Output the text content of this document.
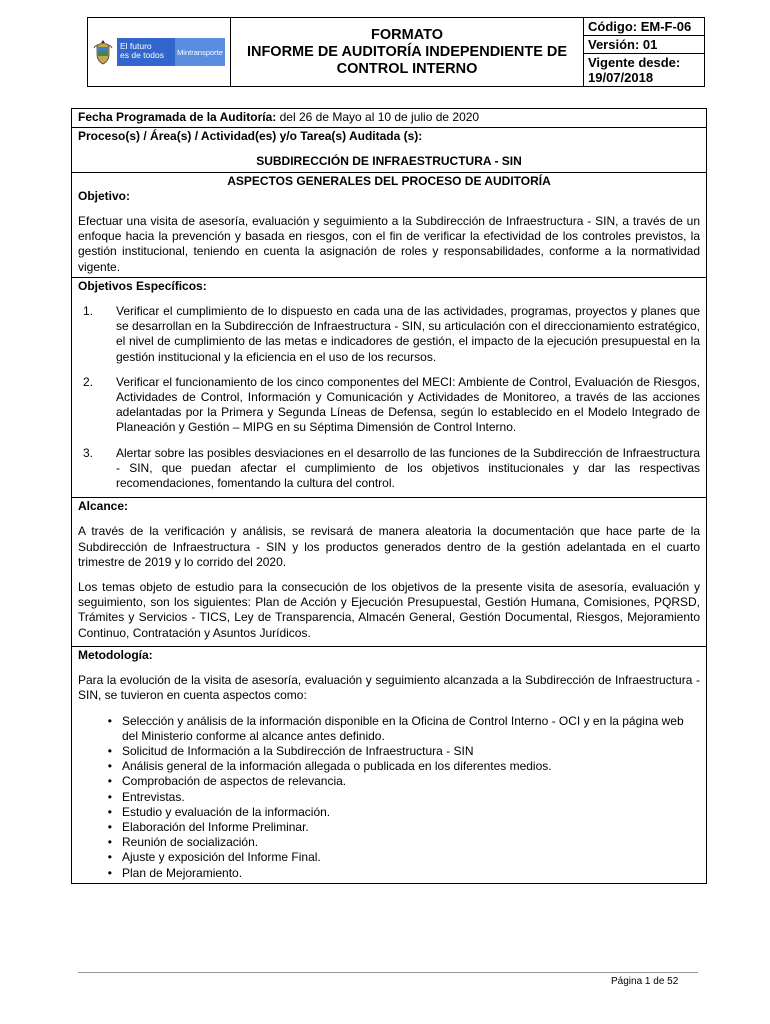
El futuro
es de todos	Mintransporte
FORMATO
INFORME DE AUDITORÍA INDEPENDIENTE DE
CONTROL INTERNO
Código: EM-F-06
Versión: 01
Vigente desde:
19/07/2018
Fecha Programada de la Auditoría: del 26 de Mayo al 10 de julio de 2020
Proceso(s) / Área(s) / Actividad(es) y/o Tarea(s) Auditada (s):
SUBDIRECCIÓN DE INFRAESTRUCTURA - SIN
ASPECTOS GENERALES DEL PROCESO DE AUDITORÍA
Objetivo:

Efectuar una visita de asesoría, evaluación y seguimiento a la Subdirección de Infraestructura - SIN, a través de un enfoque hacia la prevención y basada en riesgos, con el fin de verificar la efectividad de los controles previstos, la gestión institucional, teniendo en cuenta la asignación de roles y responsabilidades, conforme a la normatividad vigente.

Objetivos Específicos:
1.	Verificar el cumplimiento de lo dispuesto en cada una de las actividades, programas, proyectos y planes que se desarrollan en la Subdirección de Infraestructura - SIN, su articulación con el direccionamiento estratégico, el nivel de cumplimiento de las metas e indicadores de gestión, el impacto de la ejecución presupuestal en la gestión institucional y la eficiencia en el uso de los recursos.
2.	Verificar el funcionamiento de los cinco componentes del MECI: Ambiente de Control, Evaluación de Riesgos, Actividades de Control, Información y Comunicación y Actividades de Monitoreo, a través de las acciones adelantadas por la Primera y Segunda Líneas de Defensa, según lo establecido en el Modelo Integrado de Planeación y Gestión – MIPG en su Séptima Dimensión de Control Interno.
3.	Alertar sobre las posibles desviaciones en el desarrollo de las funciones de la Subdirección de Infraestructura - SIN, que puedan afectar el cumplimiento de los objetivos institucionales y dar las respectivas recomendaciones, fomentando la cultura del control.
Alcance:

A través de la verificación y análisis, se revisará de manera aleatoria la documentación que hace parte de la Subdirección de Infraestructura - SIN y los productos generados dentro de la gestión adelantada en el cuarto trimestre de 2019 y lo corrido del 2020.

Los temas objeto de estudio para la consecución de los objetivos de la presente visita de asesoría, evaluación y seguimiento, son los siguientes: Plan de Acción y Ejecución Presupuestal, Gestión Humana, Comisiones, PQRSD, Trámites y Servicios - TICS, Ley de Transparencia, Almacén General, Gestión Documental, Riesgos, Mejoramiento Continuo, Contratación y Asuntos Jurídicos.

Metodología:

Para la evolución de la visita de asesoría, evaluación y seguimiento alcanzada a la Subdirección de Infraestructura - SIN, se tuvieron en cuenta aspectos como:

• Selección y análisis de la información disponible en la Oficina de Control Interno - OCI y en la página web del Ministerio conforme al alcance antes definido.
• Solicitud de Información a la Subdirección de Infraestructura - SIN
• Análisis general de la información allegada o publicada en los diferentes medios.
• Comprobación de aspectos de relevancia.
• Entrevistas.
• Estudio y evaluación de la información.
• Elaboración del Informe Preliminar.
• Reunión de socialización.
• Ajuste y exposición del Informe Final.
• Plan de Mejoramiento.
Página 1 de 52
